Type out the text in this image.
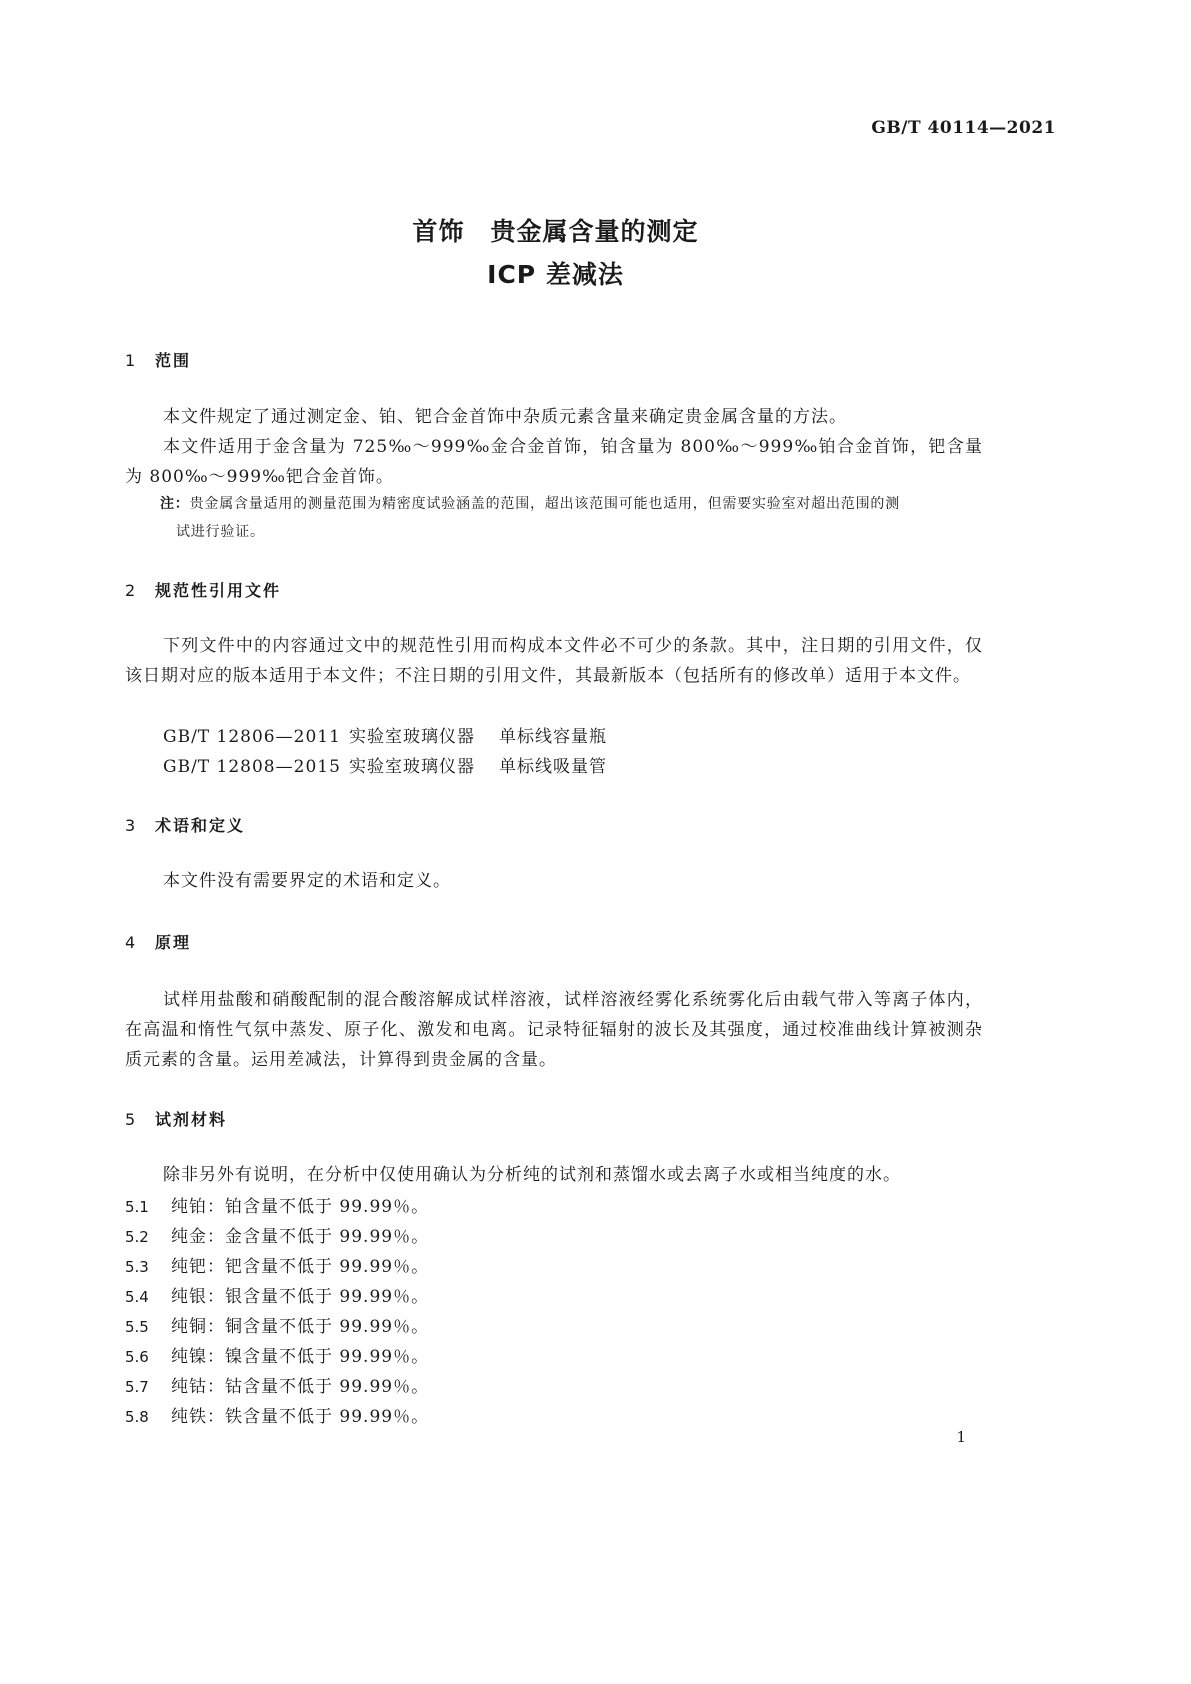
GB/T 40114—2021
首饰　贵金属含量的测定
ICP 差减法
1 范围
本文件规定了通过测定金、铂、钯合金首饰中杂质元素含量来确定贵金属含量的方法。
本文件适用于金含量为 725‰～999‰金合金首饰，铂含量为 800‰～999‰铂合金首饰，钯含量为 800‰～999‰钯合金首饰。
注：贵金属含量适用的测量范围为精密度试验涵盖的范围，超出该范围可能也适用，但需要实验室对超出范围的测
试进行验证。
2 规范性引用文件
下列文件中的内容通过文中的规范性引用而构成本文件必不可少的条款。其中，注日期的引用文件，仅该日期对应的版本适用于本文件；不注日期的引用文件，其最新版本（包括所有的修改单）适用于本文件。
GB/T 12806—2011 实验室玻璃仪器 单标线容量瓶
GB/T 12808—2015 实验室玻璃仪器 单标线吸量管
3 术语和定义
本文件没有需要界定的术语和定义。
4 原理
试样用盐酸和硝酸配制的混合酸溶解成试样溶液，试样溶液经雾化系统雾化后由载气带入等离子体内，在高温和惰性气氛中蒸发、原子化、激发和电离。记录特征辐射的波长及其强度，通过校准曲线计算被测杂质元素的含量。运用差减法，计算得到贵金属的含量。
5 试剂材料
除非另外有说明，在分析中仅使用确认为分析纯的试剂和蒸馏水或去离子水或相当纯度的水。
5.1 纯铂：铂含量不低于 99.99％。
5.2 纯金：金含量不低于 99.99％。
5.3 纯钯：钯含量不低于 99.99％。
5.4 纯银：银含量不低于 99.99％。
5.5 纯铜：铜含量不低于 99.99％。
5.6 纯镍：镍含量不低于 99.99％。
5.7 纯钴：钴含量不低于 99.99％。
5.8 纯铁：铁含量不低于 99.99％。
1
